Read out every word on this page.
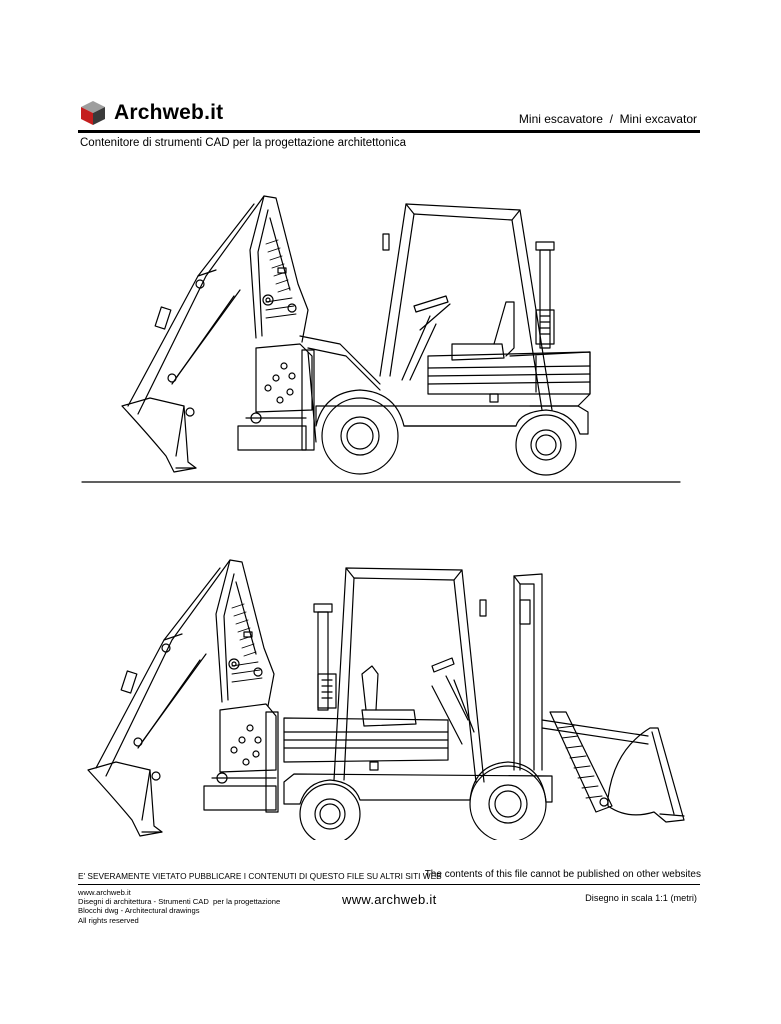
Archweb.it	Mini escavatore  /  Mini excavator
Contenitore di strumenti CAD per la progettazione architettonica
E' SEVERAMENTE VIETATO PUBBLICARE I CONTENUTI DI QUESTO FILE SU ALTRI SITI WEB
The contents of this file cannot be published on other websites
www.archweb.it
Disegni di architettura - Strumenti CAD  per la progettazione
Blocchi dwg - Architectural drawings
All rights reserved
www.archweb.it	Disegno in scala 1:1 (metri)
